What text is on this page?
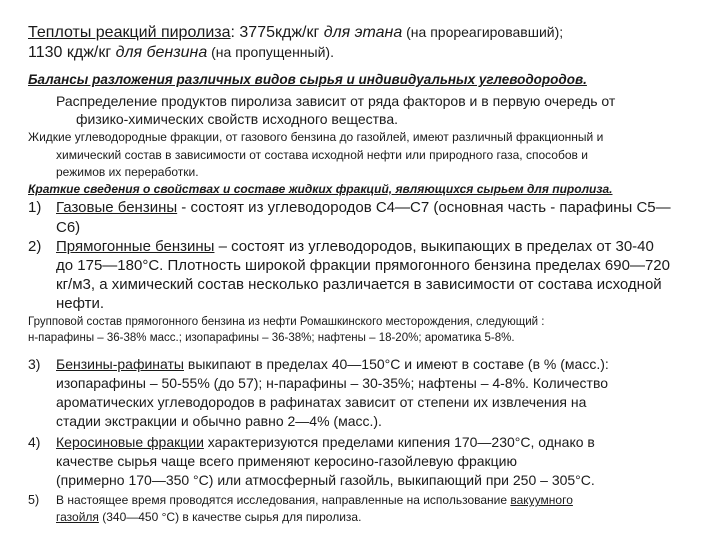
Теплоты реакций пиролиза: 3775кдж/кг для этана (на прореагировавший);
1130 кдж/кг для бензина (на пропущенный).
Балансы разложения различных видов сырья и индивидуальных углеводородов.
Распределение продуктов пиролиза зависит от ряда факторов и в первую очередь от
физико-химических свойств исходного вещества.
Жидкие углеводородные фракции, от газового бензина до газойлей, имеют различный фракционный и
химический состав в зависимости от состава исходной нефти или природного газа, способов и
режимов их переработки.
Краткие сведения о свойствах и составе жидких фракций, являющихся сырьем для пиролиза.
1) Газовые бензины - состоят из углеводородов С4—С7 (основная часть - парафины С5—
С6)
2) Прямогонные бензины – состоят из углеводородов, выкипающих в пределах от 30-40
до 175—180°С. Плотность широкой фракции прямогонного бензина пределах 690—720
кг/м3, а химический состав несколько различается в зависимости от состава исходной
нефти.
Групповой состав прямогонного бензина из нефти Ромашкинского месторождения, следующий :
н-парафины – 36-38% масс.; изопарафины – 36-38%; нафтены – 18-20%; ароматика 5-8%.
3) Бензины-рафинаты выкипают в пределах 40—150°С и имеют в составе (в % (масс.):
изопарафины – 50-55% (до 57); н-парафины – 30-35%; нафтены – 4-8%. Количество
ароматических углеводородов в рафинатах зависит от степени их извлечения на
стадии экстракции и обычно равно 2—4% (масс.).
4) Керосиновые фракции характеризуются пределами кипения 170—230°С, однако в
качестве сырья чаще всего применяют керосино-газойлевую фракцию
(примерно 170—350 °С) или атмосферный газойль, выкипающий при 250 – 305°С.
5) В настоящее время проводятся исследования, направленные на использование вакуумного
газойля (340—450 °С) в качестве сырья для пиролиза.
